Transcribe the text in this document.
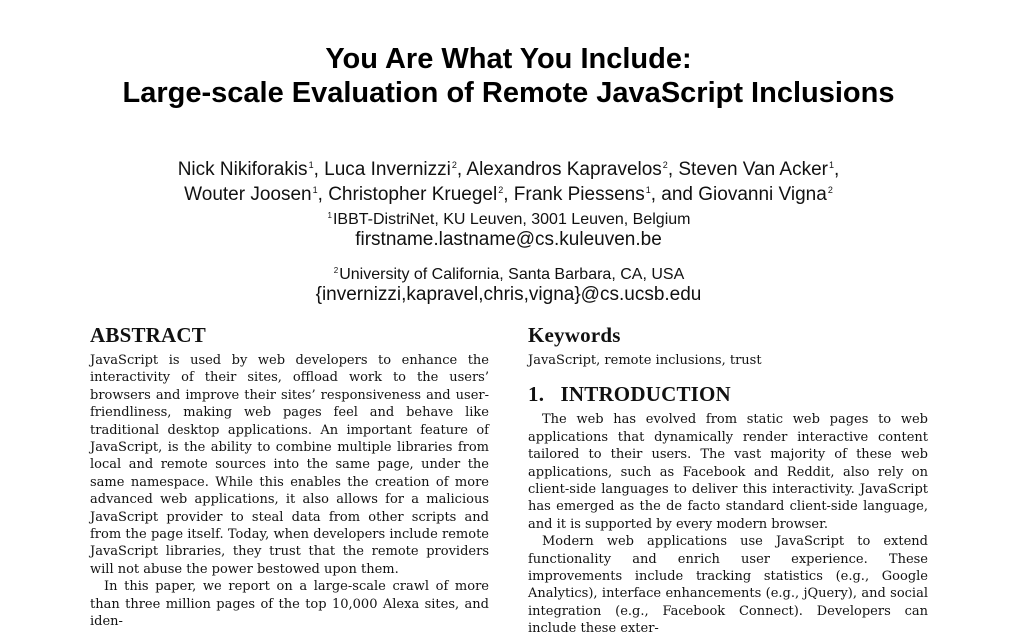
You Are What You Include:
Large-scale Evaluation of Remote JavaScript Inclusions
Nick Nikiforakis$^1$, Luca Invernizzi$^2$, Alexandros Kapravelos$^2$, Steven Van Acker$^1$,
Wouter Joosen$^1$, Christopher Kruegel$^2$, Frank Piessens$^1$, and Giovanni Vigna$^2$
$^1$IBBT-DistriNet, KU Leuven, 3001 Leuven, Belgium
firstname.lastname@cs.kuleuven.be
$^2$University of California, Santa Barbara, CA, USA
{invernizzi,kapravel,chris,vigna}@cs.ucsb.edu
ABSTRACT

JavaScript is used by web developers to enhance the interactivity of their sites, offload work to the users’ browsers and improve their sites’ responsiveness and user-friendliness, making web pages feel and behave like traditional desktop applications. An important feature of JavaScript, is the ability to combine multiple libraries from local and remote sources into the same page, under the same namespace. While this enables the creation of more advanced web applications, it also allows for a malicious JavaScript provider to steal data from other scripts and from the page itself. Today, when developers include remote JavaScript libraries, they trust that the remote providers will not abuse the power bestowed upon them.

In this paper, we report on a large-scale crawl of more than three million pages of the top 10,000 Alexa sites, and iden-

Keywords

JavaScript, remote inclusions, trust

1.   INTRODUCTION

The web has evolved from static web pages to web applications that dynamically render interactive content tailored to their users. The vast majority of these web applications, such as Facebook and Reddit, also rely on client-side languages to deliver this interactivity. JavaScript has emerged as the de facto standard client-side language, and it is supported by every modern browser.

Modern web applications use JavaScript to extend functionality and enrich user experience. These improvements include tracking statistics (e.g., Google Analytics), interface enhancements (e.g., jQuery), and social integration (e.g., Facebook Connect). Developers can include these exter-
